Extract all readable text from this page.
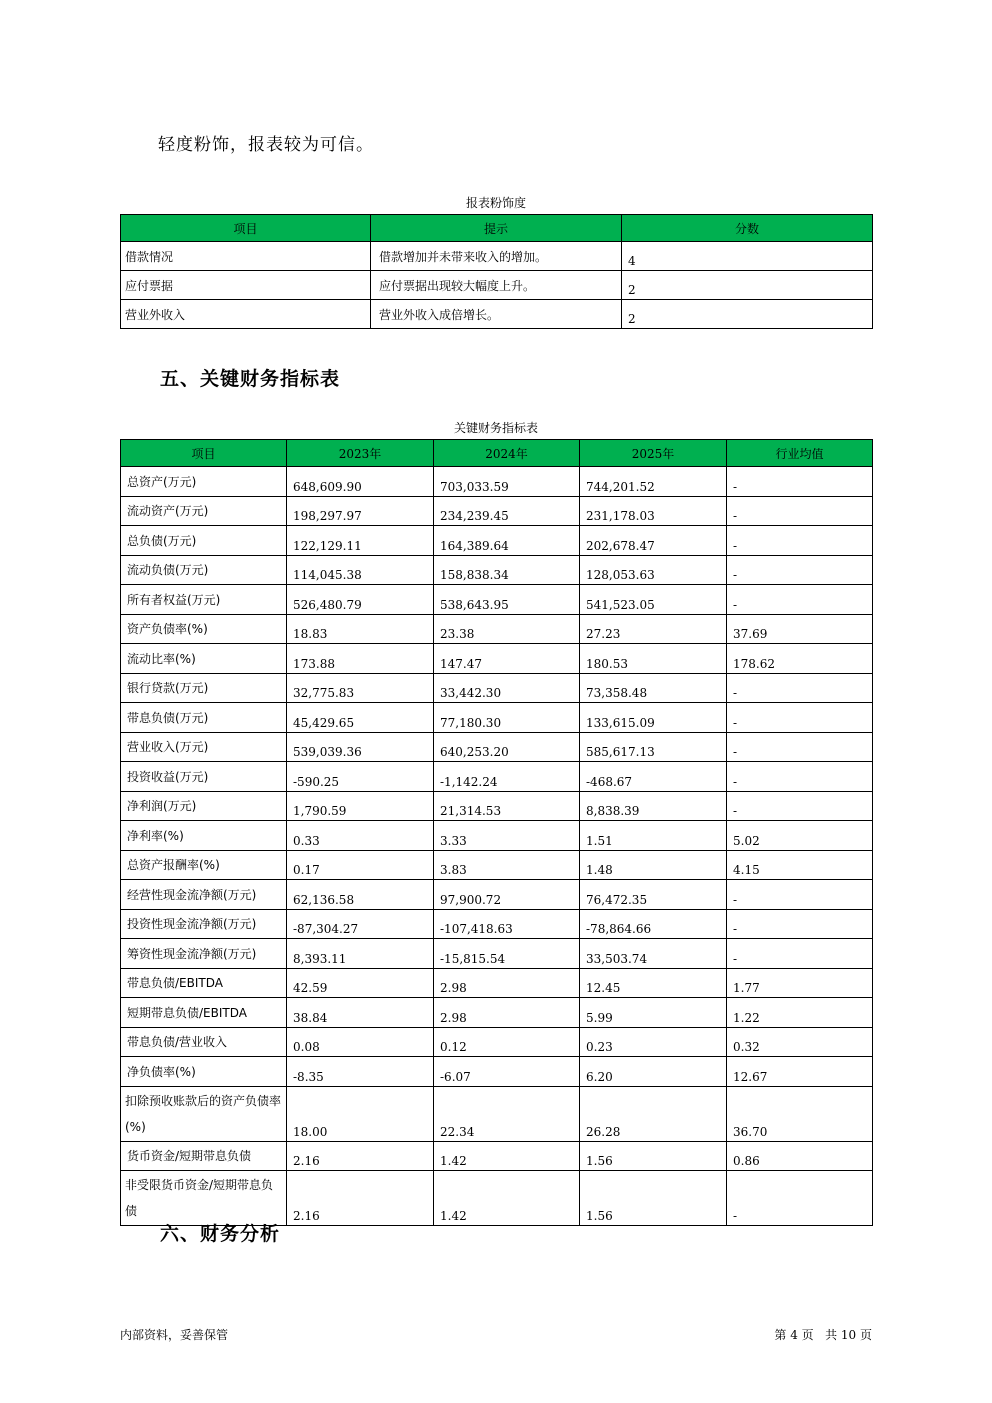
轻度粉饰，报表较为可信。
报表粉饰度
项目	提示	分数
借款情况	借款增加并未带来收入的增加。	4
应付票据	应付票据出现较大幅度上升。	2
营业外收入	营业外收入成倍增长。	2
五、关键财务指标表
关键财务指标表
项目	2023年	2024年	2025年	行业均值
总资产(万元)	648,609.90	703,033.59	744,201.52	-
流动资产(万元)	198,297.97	234,239.45	231,178.03	-
总负债(万元)	122,129.11	164,389.64	202,678.47	-
流动负债(万元)	114,045.38	158,838.34	128,053.63	-
所有者权益(万元)	526,480.79	538,643.95	541,523.05	-
资产负债率(%)	18.83	23.38	27.23	37.69
流动比率(%)	173.88	147.47	180.53	178.62
银行贷款(万元)	32,775.83	33,442.30	73,358.48	-
带息负债(万元)	45,429.65	77,180.30	133,615.09	-
营业收入(万元)	539,039.36	640,253.20	585,617.13	-
投资收益(万元)	-590.25	-1,142.24	-468.67	-
净利润(万元)	1,790.59	21,314.53	8,838.39	-
净利率(%)	0.33	3.33	1.51	5.02
总资产报酬率(%)	0.17	3.83	1.48	4.15
经营性现金流净额(万元)	62,136.58	97,900.72	76,472.35	-
投资性现金流净额(万元)	-87,304.27	-107,418.63	-78,864.66	-
筹资性现金流净额(万元)	8,393.11	-15,815.54	33,503.74	-
带息负债/EBITDA	42.59	2.98	12.45	1.77
短期带息负债/EBITDA	38.84	2.98	5.99	1.22
带息负债/营业收入	0.08	0.12	0.23	0.32
净负债率(%)	-8.35	-6.07	6.20	12.67
扣除预收账款后的资产负债率(%)	18.00	22.34	26.28	36.70
货币资金/短期带息负债	2.16	1.42	1.56	0.86
非受限货币资金/短期带息负债	2.16	1.42	1.56	-
六、财务分析
内部资料，妥善保管	第 4 页   共 10 页
